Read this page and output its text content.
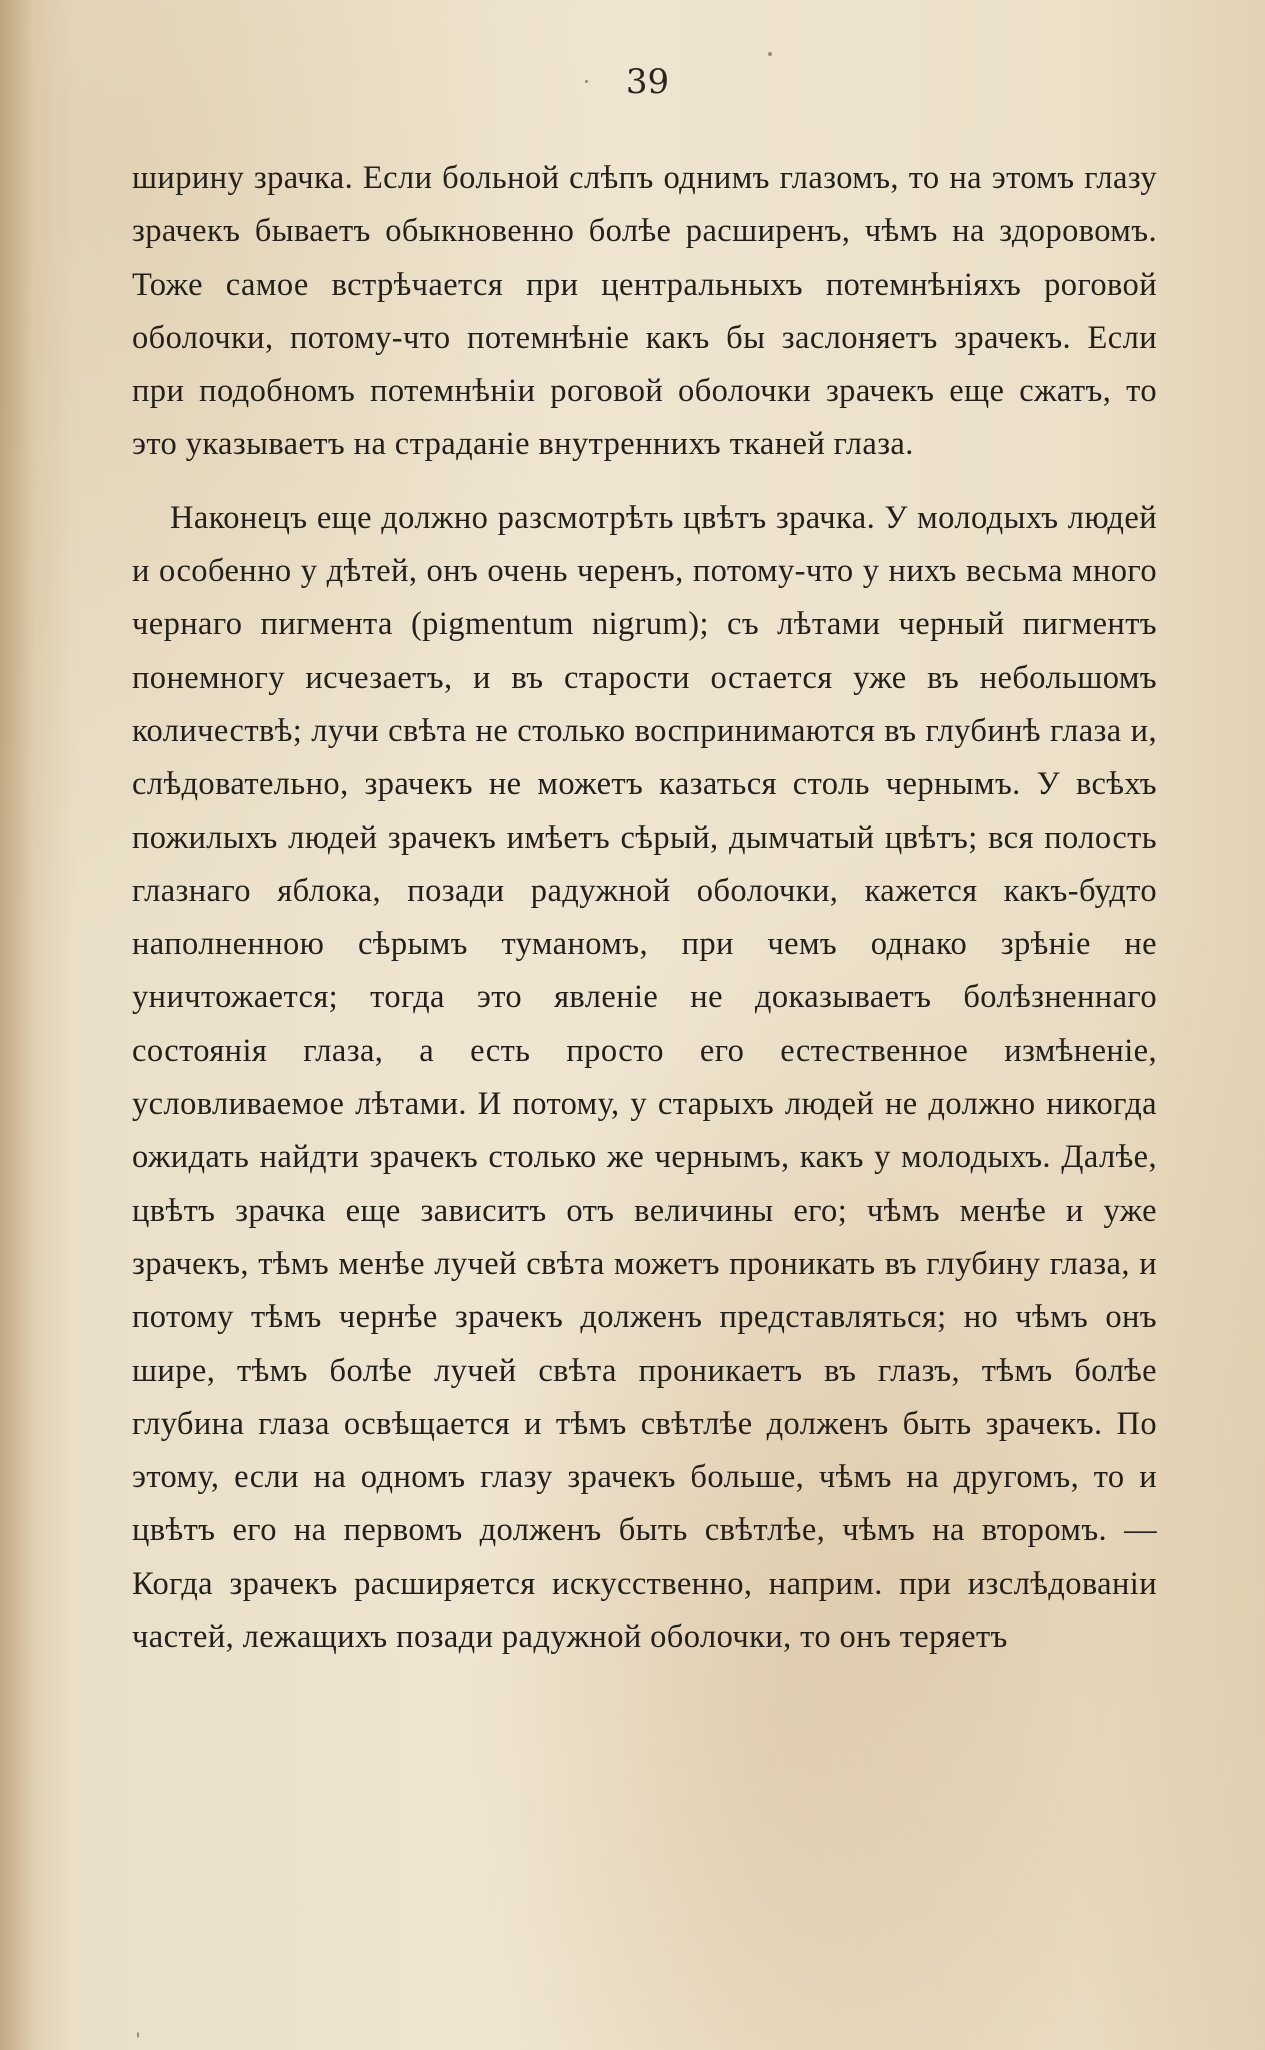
39

ширину зрачка. Если больной слѣпъ однимъ глазомъ, то на этомъ глазу зрачекъ бываетъ обыкновенно болѣе расширенъ, чѣмъ на здоровомъ. Тоже самое встрѣчается при центральныхъ потемнѣніяхъ роговой оболочки, потому-что потемнѣніе какъ бы заслоняетъ зрачекъ. Если при подобномъ потемнѣніи роговой оболочки зрачекъ еще сжатъ, то это указываетъ на страданіе внутреннихъ тканей глаза.

Наконецъ еще должно разсмотрѣть цвѣтъ зрачка. У молодыхъ людей и особенно у дѣтей, онъ очень черенъ, потому-что у нихъ весьма много чернаго пигмента (pigmentum nigrum); съ лѣтами черный пигментъ понемногу исчезаетъ, и въ старости остается уже въ небольшомъ количествѣ; лучи свѣта не столько воспринимаются въ глубинѣ глаза и, слѣдовательно, зрачекъ не можетъ казаться столь чернымъ. У всѣхъ пожилыхъ людей зрачекъ имѣетъ сѣрый, дымчатый цвѣтъ; вся полость глазнаго яблока, позади радужной оболочки, кажется какъ-будто наполненною сѣрымъ туманомъ, при чемъ однако зрѣніе не уничтожается; тогда это явленіе не доказываетъ болѣзненнаго состоянія глаза, а есть просто его естественное измѣненіе, условливаемое лѣтами. И потому, у старыхъ людей не должно никогда ожидать найдти зрачекъ столько же чернымъ, какъ у молодыхъ. Далѣе, цвѣтъ зрачка еще зависитъ отъ величины его; чѣмъ менѣе и уже зрачекъ, тѣмъ менѣе лучей свѣта можетъ проникать въ глубину глаза, и потому тѣмъ чернѣе зрачекъ долженъ представляться; но чѣмъ онъ шире, тѣмъ болѣе лучей свѣта проникаетъ въ глазъ, тѣмъ болѣе глубина глаза освѣщается и тѣмъ свѣтлѣе долженъ быть зрачекъ. По этому, если на одномъ глазу зрачекъ больше, чѣмъ на другомъ, то и цвѣтъ его на первомъ долженъ быть свѣтлѣе, чѣмъ на второмъ. — Когда зрачекъ расширяется искусственно, наприм. при изслѣдованіи частей, лежащихъ позади радужной оболочки, то онъ теряетъ
